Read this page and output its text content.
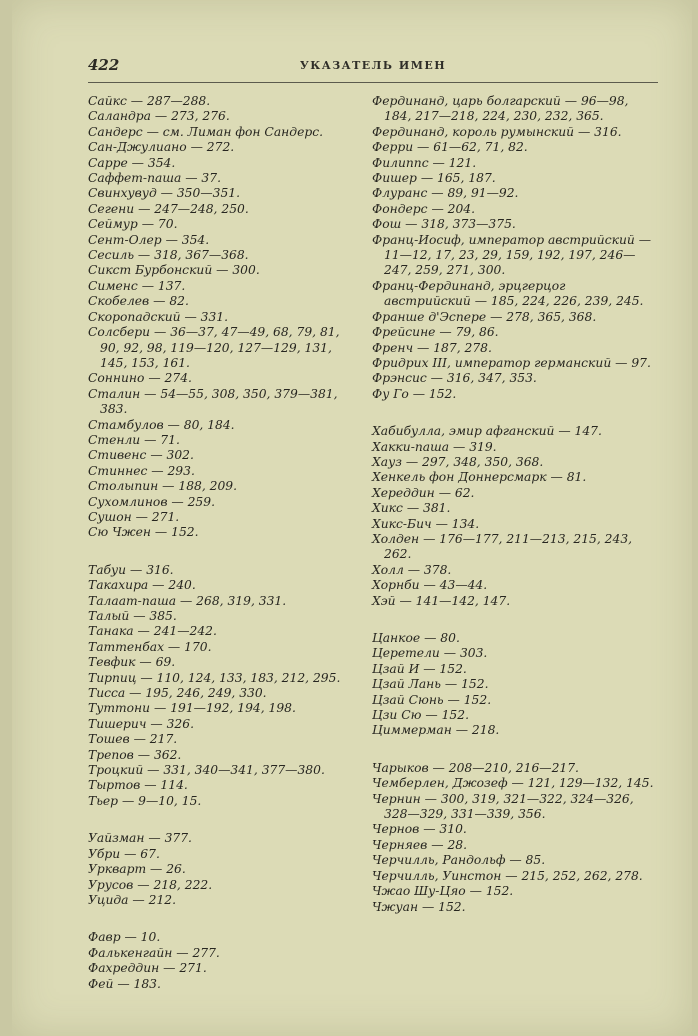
422	УКАЗАТЕЛЬ ИМЕН
Сайкс — 287—288.
Саландра — 273, 276.
Сандерс — см. Лиман фон Сандерс.
Сан-Джулиано — 272.
Сарре — 354.
Саффет-паша — 37.
Свинхувуд — 350—351.
Сегени — 247—248, 250.
Сеймур — 70.
Сент-Олер — 354.
Сесиль — 318, 367—368.
Сикст Бурбонский — 300.
Сименс — 137.
Скобелев — 82.
Скоропадский — 331.
Солсбери — 36—37, 47—49, 68, 79, 81, 90, 92, 98, 119—120, 127—129, 131, 145, 153, 161.
Соннино — 274.
Сталин — 54—55, 308, 350, 379—381, 383.
Стамбулов — 80, 184.
Стенли — 71.
Стивенс — 302.
Стиннес — 293.
Столыпин — 188, 209.
Сухомлинов — 259.
Сушон — 271.
Сю Чжен — 152.
Табуи — 316.
Такахира — 240.
Талаат-паша — 268, 319, 331.
Талый — 385.
Танака — 241—242.
Таттенбах — 170.
Тевфик — 69.
Тирпиц — 110, 124, 133, 183, 212, 295.
Тисса — 195, 246, 249, 330.
Туттони — 191—192, 194, 198.
Тишерич — 326.
Тошев — 217.
Трепов — 362.
Троцкий — 331, 340—341, 377—380.
Тыртов — 114.
Тьер — 9—10, 15.
Уайзман — 377.
Убри — 67.
Уркварт — 26.
Урусов — 218, 222.
Уцида — 212.
Фавр — 10.
Фалькенгайн — 277.
Фахреддин — 271.
Фей — 183.
Фердинанд, царь болгарский — 96—98, 184, 217—218, 224, 230, 232, 365.
Фердинанд, король румынский — 316.
Ферри — 61—62, 71, 82.
Филиппс — 121.
Фишер — 165, 187.
Флуранс — 89, 91—92.
Фондерс — 204.
Фош — 318, 373—375.
Франц-Иосиф, император австрийский — 11—12, 17, 23, 29, 159, 192, 197, 246—247, 259, 271, 300.
Франц-Фердинанд, эрцгерцог австрийский — 185, 224, 226, 239, 245.
Франше д'Эспере — 278, 365, 368.
Фрейсине — 79, 86.
Френч — 187, 278.
Фридрих III, император германский — 97.
Фрэнсис — 316, 347, 353.
Фу Го — 152.
Хабибулла, эмир афганский — 147.
Хакки-паша — 319.
Хауз — 297, 348, 350, 368.
Хенкель фон Доннерсмарк — 81.
Хереддин — 62.
Хикс — 381.
Хикс-Бич — 134.
Холден — 176—177, 211—213, 215, 243, 262.
Холл — 378.
Хорнби — 43—44.
Хэй — 141—142, 147.
Цанкое — 80.
Церетели — 303.
Цзай И — 152.
Цзай Лань — 152.
Цзай Сюнь — 152.
Цзи Сю — 152.
Циммерман — 218.
Чарыков — 208—210, 216—217.
Чемберлен, Джозеф — 121, 129—132, 145.
Чернин — 300, 319, 321—322, 324—326, 328—329, 331—339, 356.
Чернов — 310.
Черняев — 28.
Черчилль, Рандольф — 85.
Черчилль, Уинстон — 215, 252, 262, 278.
Чжао Шу-Цяо — 152.
Чжуан — 152.
